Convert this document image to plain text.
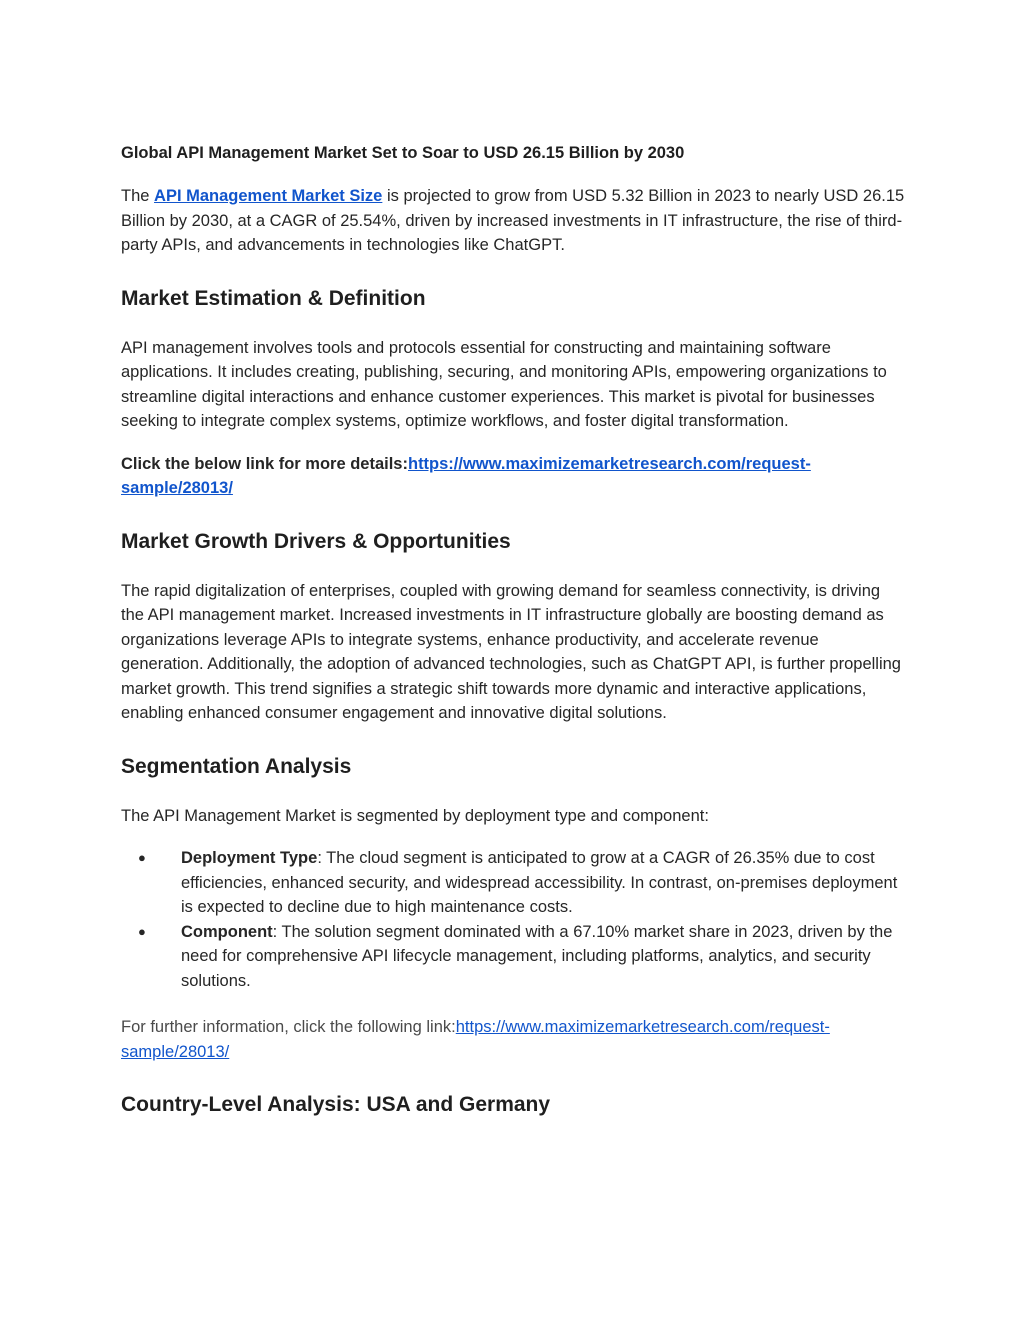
Global API Management Market Set to Soar to USD 26.15 Billion by 2030

The API Management Market Size is projected to grow from USD 5.32 Billion in 2023 to nearly USD 26.15 Billion by 2030, at a CAGR of 25.54%, driven by increased investments in IT infrastructure, the rise of third-party APIs, and advancements in technologies like ChatGPT.

Market Estimation & Definition

API management involves tools and protocols essential for constructing and maintaining software applications. It includes creating, publishing, securing, and monitoring APIs, empowering organizations to streamline digital interactions and enhance customer experiences. This market is pivotal for businesses seeking to integrate complex systems, optimize workflows, and foster digital transformation.

Click the below link for more details:https://www.maximizemarketresearch.com/request-sample/28013/

Market Growth Drivers & Opportunities

The rapid digitalization of enterprises, coupled with growing demand for seamless connectivity, is driving the API management market. Increased investments in IT infrastructure globally are boosting demand as organizations leverage APIs to integrate systems, enhance productivity, and accelerate revenue generation. Additionally, the adoption of advanced technologies, such as ChatGPT API, is further propelling market growth. This trend signifies a strategic shift towards more dynamic and interactive applications, enabling enhanced consumer engagement and innovative digital solutions.

Segmentation Analysis

The API Management Market is segmented by deployment type and component:

● Deployment Type: The cloud segment is anticipated to grow at a CAGR of 26.35% due to cost efficiencies, enhanced security, and widespread accessibility. In contrast, on-premises deployment is expected to decline due to high maintenance costs.
● Component: The solution segment dominated with a 67.10% market share in 2023, driven by the need for comprehensive API lifecycle management, including platforms, analytics, and security solutions.

For further information, click the following link:https://www.maximizemarketresearch.com/request-sample/28013/

Country-Level Analysis: USA and Germany
